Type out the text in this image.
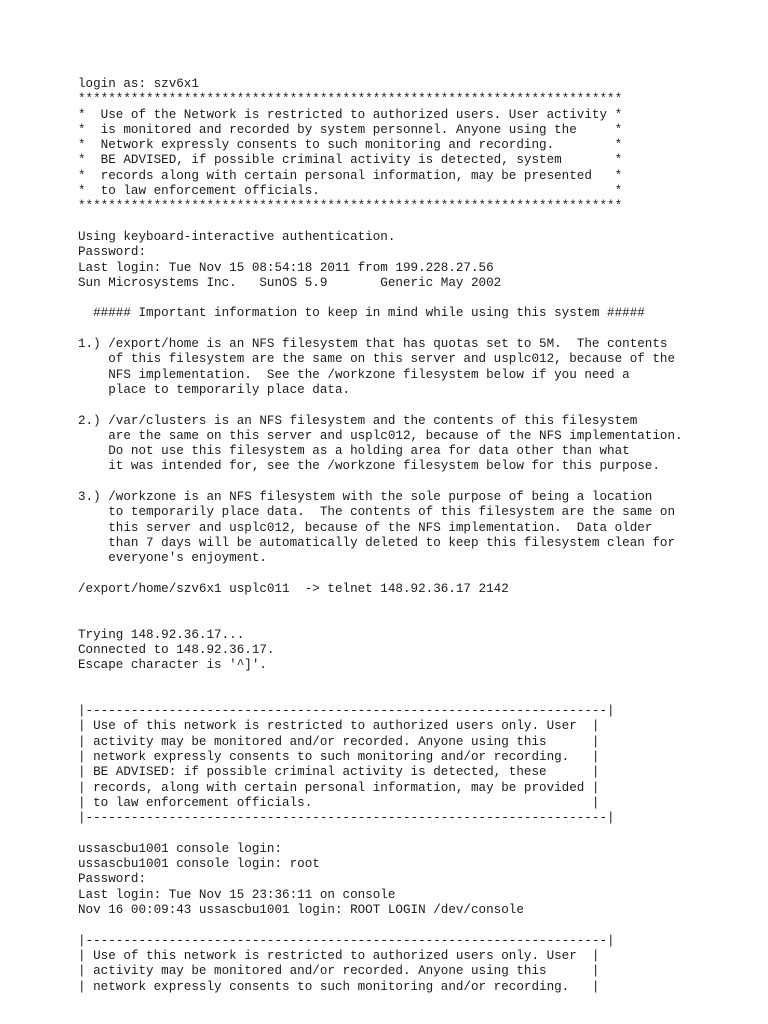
login as: szv6x1
************************************************************************
*  Use of the Network is restricted to authorized users. User activity *
*  is monitored and recorded by system personnel. Anyone using the     *
*  Network expressly consents to such monitoring and recording.        *
*  BE ADVISED, if possible criminal activity is detected, system       *
*  records along with certain personal information, may be presented   *
*  to law enforcement officials.                                       *
************************************************************************
Using keyboard-interactive authentication.
Password:
Last login: Tue Nov 15 08:54:18 2011 from 199.228.27.56
Sun Microsystems Inc.   SunOS 5.9       Generic May 2002
##### Important information to keep in mind while using this system #####
1.) /export/home is an NFS filesystem that has quotas set to 5M.  The contents
of this filesystem are the same on this server and usplc012, because of the
NFS implementation.  See the /workzone filesystem below if you need a
place to temporarily place data.
2.) /var/clusters is an NFS filesystem and the contents of this filesystem
are the same on this server and usplc012, because of the NFS implementation.
Do not use this filesystem as a holding area for data other than what
it was intended for, see the /workzone filesystem below for this purpose.
3.) /workzone is an NFS filesystem with the sole purpose of being a location
to temporarily place data.  The contents of this filesystem are the same on
this server and usplc012, because of the NFS implementation.  Data older
than 7 days will be automatically deleted to keep this filesystem clean for
everyone's enjoyment.
/export/home/szv6x1 usplc011  -> telnet 148.92.36.17 2142
Trying 148.92.36.17...
Connected to 148.92.36.17.
Escape character is '^]'.
|---------------------------------------------------------------------|
| Use of this network is restricted to authorized users only. User  |
| activity may be monitored and/or recorded. Anyone using this      |
| network expressly consents to such monitoring and/or recording.   |
| BE ADVISED: if possible criminal activity is detected, these      |
| records, along with certain personal information, may be provided |
| to law enforcement officials.                                     |
|---------------------------------------------------------------------|
ussascbu1001 console login:
ussascbu1001 console login: root
Password:
Last login: Tue Nov 15 23:36:11 on console
Nov 16 00:09:43 ussascbu1001 login: ROOT LOGIN /dev/console
|---------------------------------------------------------------------|
| Use of this network is restricted to authorized users only. User  |
| activity may be monitored and/or recorded. Anyone using this      |
| network expressly consents to such monitoring and/or recording.   |
